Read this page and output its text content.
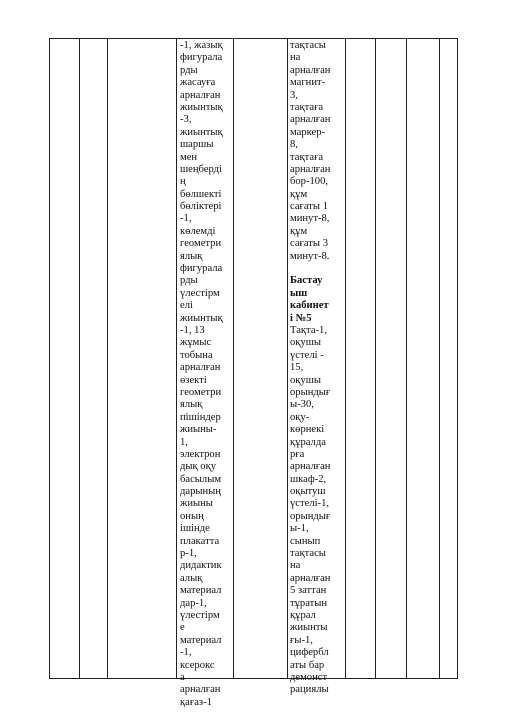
-1, жазық
фигурала
рды
жасауға
арналған
жиынтық
-3,
жиынтық
шаршы
мен
шеңберді
ң
бөлшекті
бөліктері
-1,
көлемді
геометри
ялық
фигурала
рды
үлестірм
елі
жиынтық
-1, 13
жұмыс
тобына
арналған
өзекті
геометри
ялық
пішіндер
жиыны-
1,
электрон
дық оқу
басылым
дарының
жиыны
оның
ішінде
плакатта
р-1,
дидактик
алық
материал
дар-1,
үлестірм
е
материал
-1,
ксерокс
а
арналған
қағаз-1
тақтасы
на
арналған
магнит-
3,
тақтаға
арналған
маркер-
8,
тақтаға
арналған
бор-100,
құм
сағаты 1
минут-8,
құм
сағаты 3
минут-8.
Бастау
ыш
кабинет
і №5
Тақта-1,
оқушы
үстелі -
15,
оқушы
орындығ
ы-30,
оқу-
көрнекі
құралда
рға
арналған
шкаф-2,
оқытуш
үстелі-1,
орындығ
ы-1,
сынып
тақтасы
на
арналған
5 заттан
тұратын
құрал
жиынты
ғы-1,
цифербл
аты бар
демонст
рациялы
